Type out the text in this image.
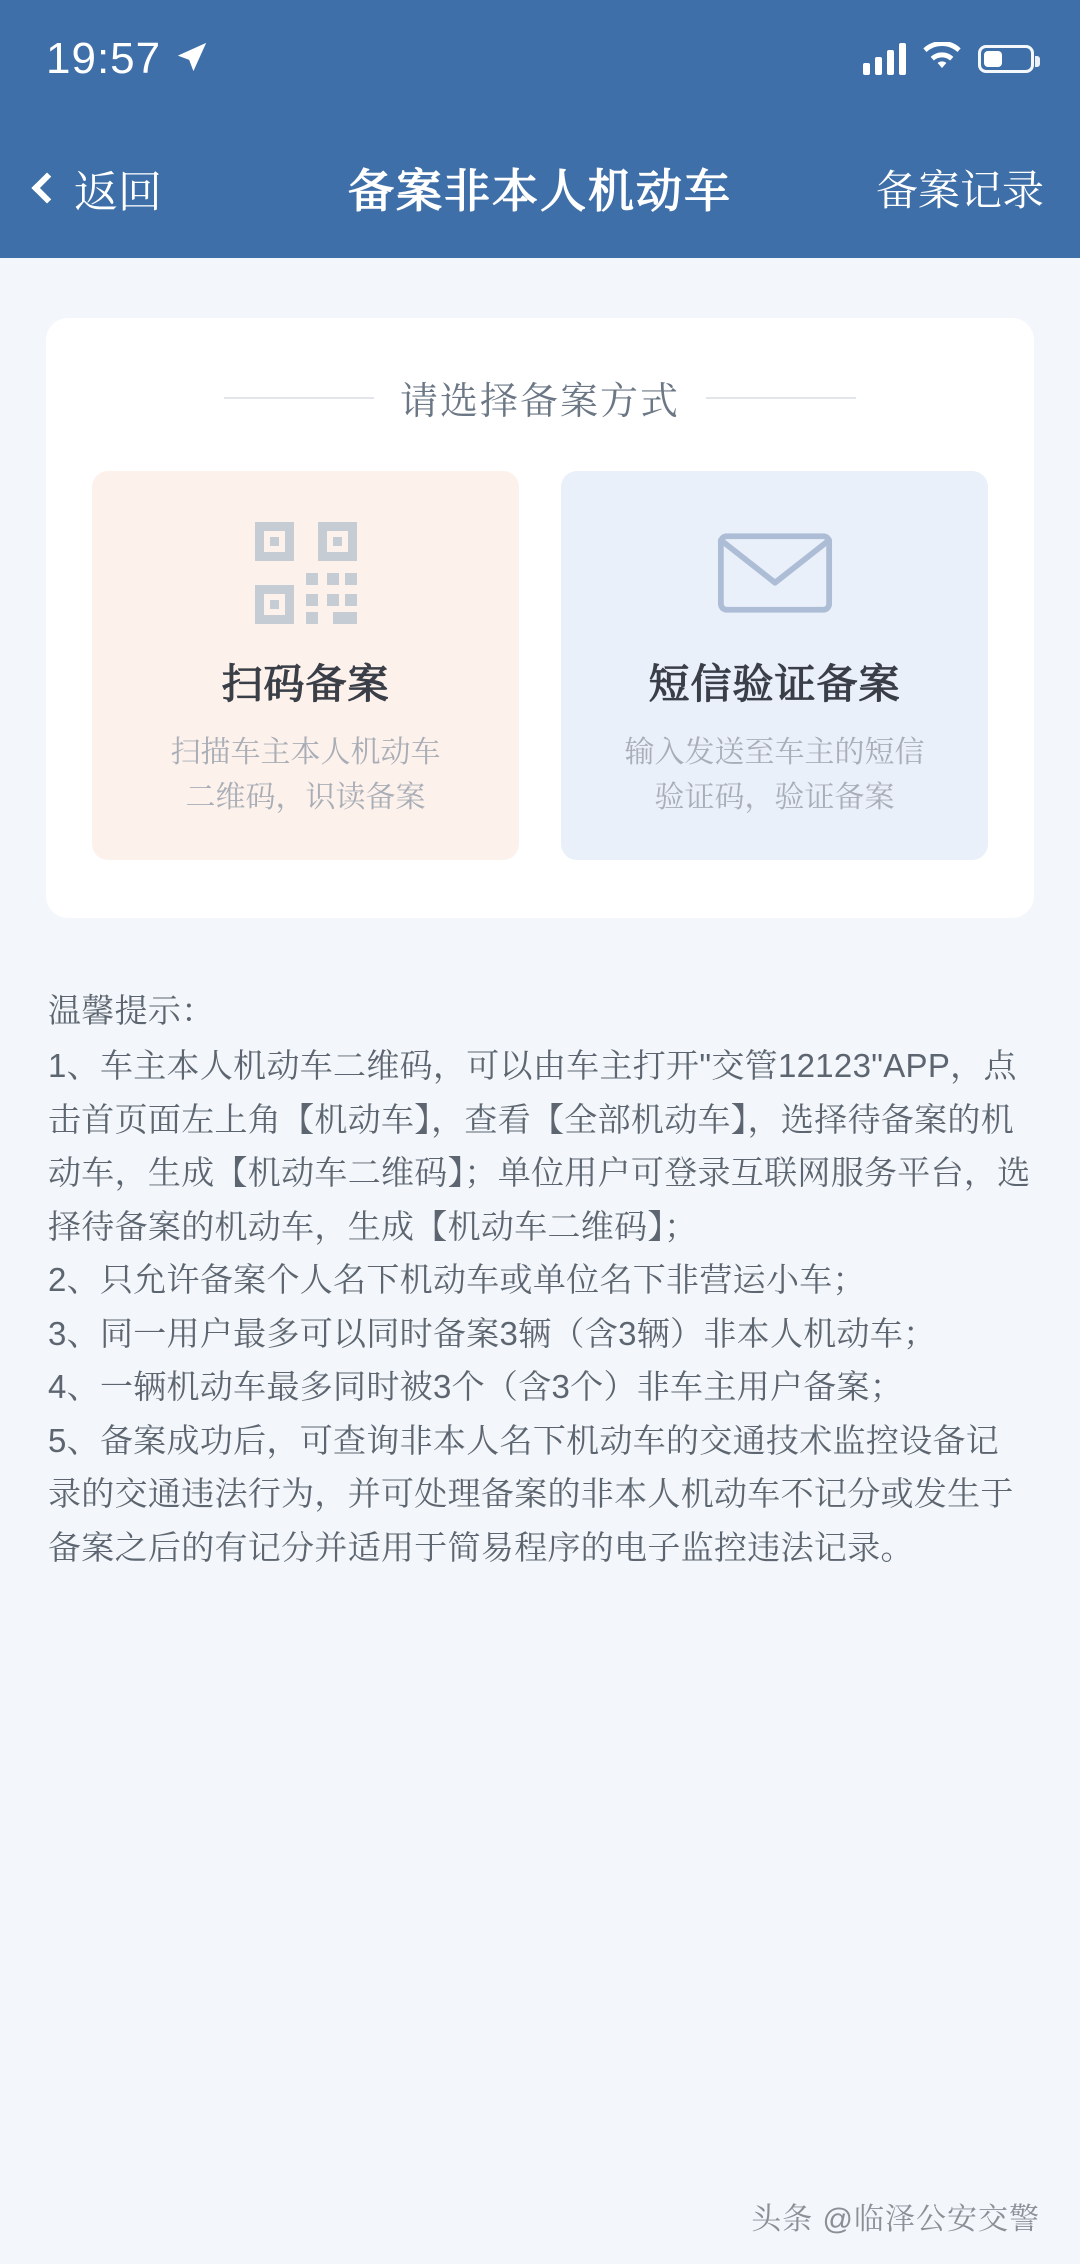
19:57
返回	备案非本人机动车	备案记录
请选择备案方式
扫码备案
扫描车主本人机动车
二维码，识读备案
短信验证备案
输入发送至车主的短信
验证码，验证备案

温馨提示：

1、车主本人机动车二维码，可以由车主打开"交管12123"APP，点击首页面左上角【机动车】，查看【全部机动车】，选择待备案的机动车，生成【机动车二维码】；单位用户可登录互联网服务平台，选择待备案的机动车，生成【机动车二维码】；

2、只允许备案个人名下机动车或单位名下非营运小车；

3、同一用户最多可以同时备案3辆（含3辆）非本人机动车；

4、一辆机动车最多同时被3个（含3个）非车主用户备案；

5、备案成功后，可查询非本人名下机动车的交通技术监控设备记录的交通违法行为，并可处理备案的非本人机动车不记分或发生于备案之后的有记分并适用于简易程序的电子监控违法记录。

头条 @临泽公安交警
